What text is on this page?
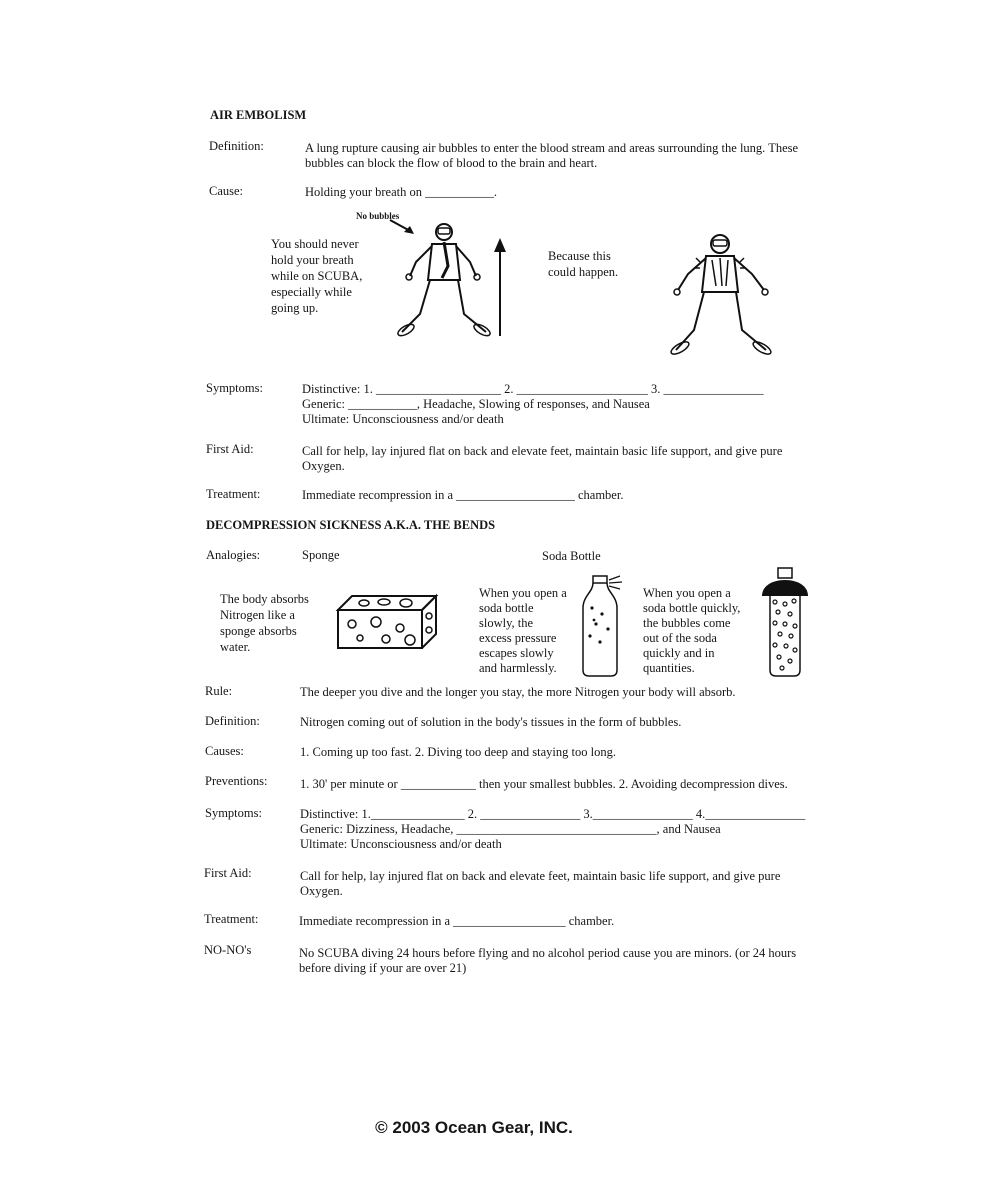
AIR EMBOLISM
Definition:	A lung rupture causing air bubbles to enter the blood stream and areas surrounding the lung. These
bubbles can block the flow of blood to the brain and heart.
Cause:	Holding your breath on ___________.
No bubbles
You should never
hold your breath
while on SCUBA,
especially while
going up.
Because this
could happen.
Symptoms:	Distinctive: 1. ____________________ 2. _____________________ 3. ________________
Generic: ___________, Headache, Slowing of responses, and Nausea
Ultimate: Unconsciousness and/or death
First Aid:	Call for help, lay injured flat on back and elevate feet, maintain basic life support, and give pure
Oxygen.
Treatment:	Immediate recompression in a ___________________ chamber.
DECOMPRESSION SICKNESS A.K.A. THE BENDS
Analogies:	Sponge	Soda Bottle
The body absorbs
Nitrogen like a
sponge absorbs
water.
When you open a
soda bottle
slowly, the
excess pressure
escapes slowly
and harmlessly.
When you open a
soda bottle quickly,
the bubbles come
out of the soda
quickly and in
quantities.
Rule:	The deeper you dive and the longer you stay, the more Nitrogen your body will absorb.
Definition:	Nitrogen coming out of solution in the body's tissues in the form of bubbles.
Causes:	1. Coming up too fast. 2. Diving too deep and staying too long.
Preventions:	1. 30' per minute or ____________ then your smallest bubbles. 2. Avoiding decompression dives.
Symptoms:	Distinctive: 1._______________ 2. ________________ 3.________________ 4.________________
Generic: Dizziness, Headache, ________________________________, and Nausea
Ultimate: Unconsciousness and/or death
First Aid:	Call for help, lay injured flat on back and elevate feet, maintain basic life support, and give pure
Oxygen.
Treatment:	Immediate recompression in a __________________ chamber.
NO-NO's	No SCUBA diving 24 hours before flying and no alcohol period cause you are minors. (or 24 hours
before diving if your are over 21)
© 2003 Ocean Gear, INC.
